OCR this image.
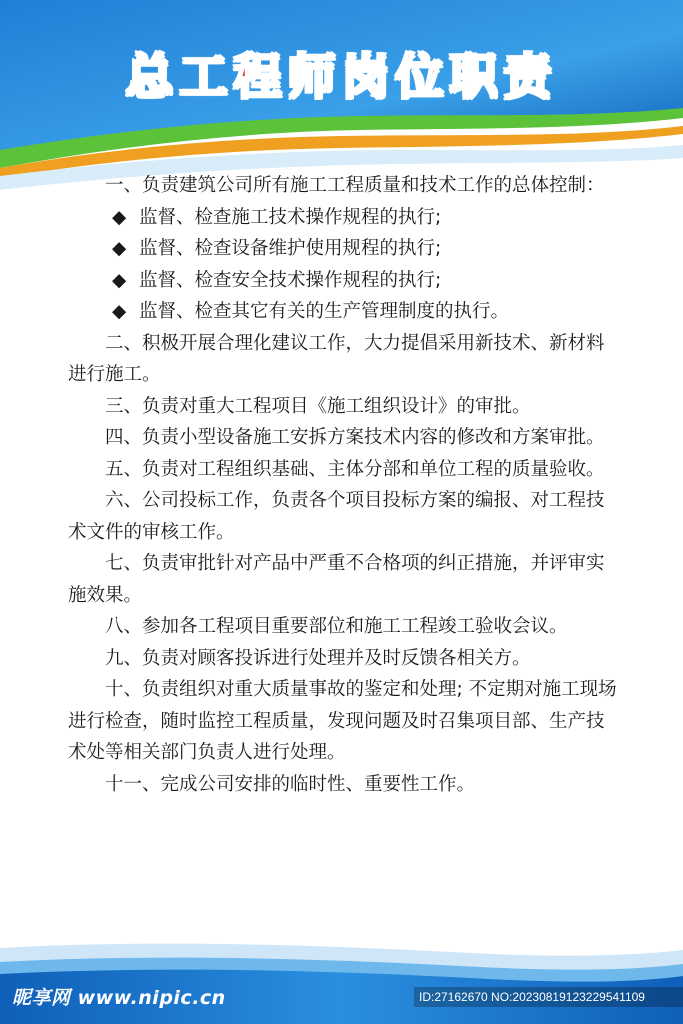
总工程师岗位职责

一、负责建筑公司所有施工工程质量和技术工作的总体控制：

◆ 监督、检查施工技术操作规程的执行;

◆ 监督、检查设备维护使用规程的执行;

◆ 监督、检查安全技术操作规程的执行;

◆ 监督、检查其它有关的生产管理制度的执行。

二、积极开展合理化建议工作，大力提倡采用新技术、新材料进行施工。

三、负责对重大工程项目《施工组织设计》的审批。

四、负责小型设备施工安拆方案技术内容的修改和方案审批。

五、负责对工程组织基础、主体分部和单位工程的质量验收。

六、公司投标工作，负责各个项目投标方案的编报、对工程技术文件的审核工作。

七、负责审批针对产品中严重不合格项的纠正措施，并评审实施效果。

八、参加各工程项目重要部位和施工工程竣工验收会议。

九、负责对顾客投诉进行处理并及时反馈各相关方。

十、负责组织对重大质量事故的鉴定和处理; 不定期对施工现场进行检查，随时监控工程质量，发现问题及时召集项目部、生产技术处等相关部门负责人进行处理。

十一、完成公司安排的临时性、重要性工作。

昵享网 www.nipic.cn	ID:27162670 NO:20230819123229541109
